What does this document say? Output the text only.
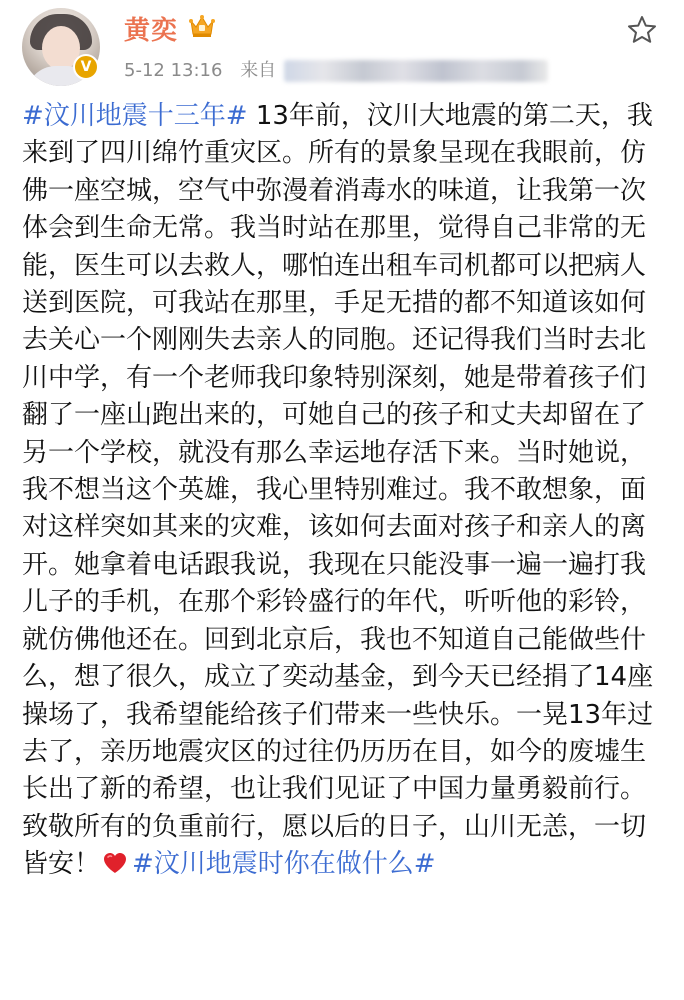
V
黄奕
5-12 13:16 来自
#汶川地震十三年# 13年前，汶川大地震的第二天，我来到了四川绵竹重灾区。所有的景象呈现在我眼前，仿佛一座空城，空气中弥漫着消毒水的味道，让我第一次体会到生命无常。我当时站在那里，觉得自己非常的无能，医生可以去救人，哪怕连出租车司机都可以把病人送到医院，可我站在那里，手足无措的都不知道该如何去关心一个刚刚失去亲人的同胞。还记得我们当时去北川中学，有一个老师我印象特别深刻，她是带着孩子们翻了一座山跑出来的，可她自己的孩子和丈夫却留在了另一个学校，就没有那么幸运地存活下来。当时她说，我不想当这个英雄，我心里特别难过。我不敢想象，面对这样突如其来的灾难，该如何去面对孩子和亲人的离开。她拿着电话跟我说，我现在只能没事一遍一遍打我儿子的手机，在那个彩铃盛行的年代，听听他的彩铃，就仿佛他还在。回到北京后，我也不知道自己能做些什么，想了很久，成立了奕动基金，到今天已经捐了14座操场了，我希望能给孩子们带来一些快乐。一晃13年过去了，亲历地震灾区的过往仍历历在目，如今的废墟生长出了新的希望，也让我们见证了中国力量勇毅前行。致敬所有的负重前行，愿以后的日子，山川无恙，一切皆安！ #汶川地震时你在做什么#
